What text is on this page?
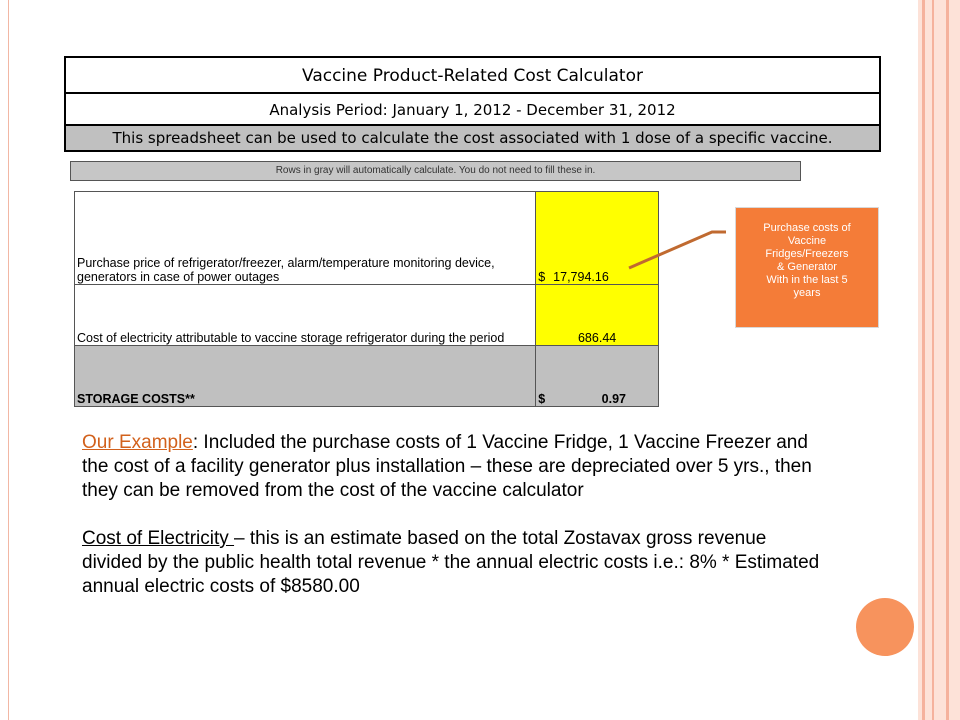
Vaccine Product-Related Cost Calculator
Analysis Period: January 1, 2012 - December 31, 2012
This spreadsheet can be used to calculate the cost associated with 1 dose of a specific vaccine.
Rows in gray will automatically calculate. You do not need to fill these in.
Purchase price of refrigerator/freezer, alarm/temperature monitoring device, generators in case of power outages	$ 17,794.16

Cost of electricity attributable to vaccine storage refrigerator during the period	686.44
STORAGE COSTS**	$ 0.97
Purchase costs of
Vaccine
Fridges/Freezers
& Generator
With in the last 5
years

Our Example: Included the purchase costs of 1 Vaccine Fridge, 1 Vaccine Freezer and the cost of a facility generator plus installation – these are depreciated over 5 yrs., then they can be removed from the cost of the vaccine calculator

Cost of Electricity – this is an estimate based on the total Zostavax gross revenue divided by the public health total revenue * the annual electric costs i.e.: 8% * Estimated annual electric costs of $8580.00
